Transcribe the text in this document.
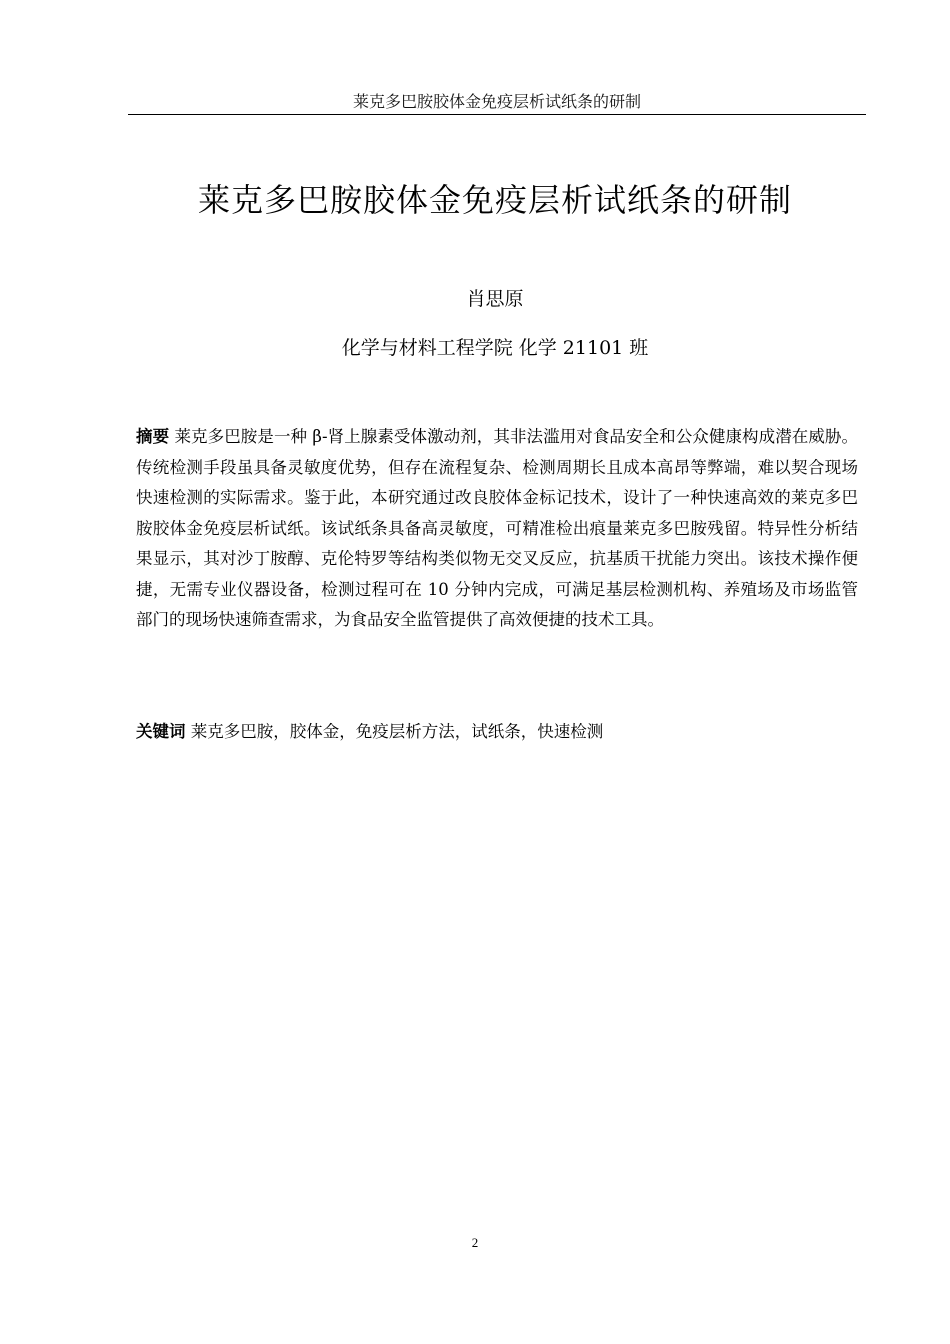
莱克多巴胺胶体金免疫层析试纸条的研制
莱克多巴胺胶体金免疫层析试纸条的研制
肖思原
化学与材料工程学院 化学 21101 班

摘要 莱克多巴胺是一种 β-肾上腺素受体激动剂，其非法滥用对食品安全和公众健康构成潜在威胁。传统检测手段虽具备灵敏度优势，但存在流程复杂、检测周期长且成本高昂等弊端，难以契合现场快速检测的实际需求。鉴于此，本研究通过改良胶体金标记技术，设计了一种快速高效的莱克多巴胺胶体金免疫层析试纸。该试纸条具备高灵敏度，可精准检出痕量莱克多巴胺残留。特异性分析结果显示，其对沙丁胺醇、克伦特罗等结构类似物无交叉反应，抗基质干扰能力突出。该技术操作便捷，无需专业仪器设备，检测过程可在 10 分钟内完成，可满足基层检测机构、养殖场及市场监管部门的现场快速筛查需求，为食品安全监管提供了高效便捷的技术工具。

关键词 莱克多巴胺，胶体金，免疫层析方法，试纸条，快速检测

2
